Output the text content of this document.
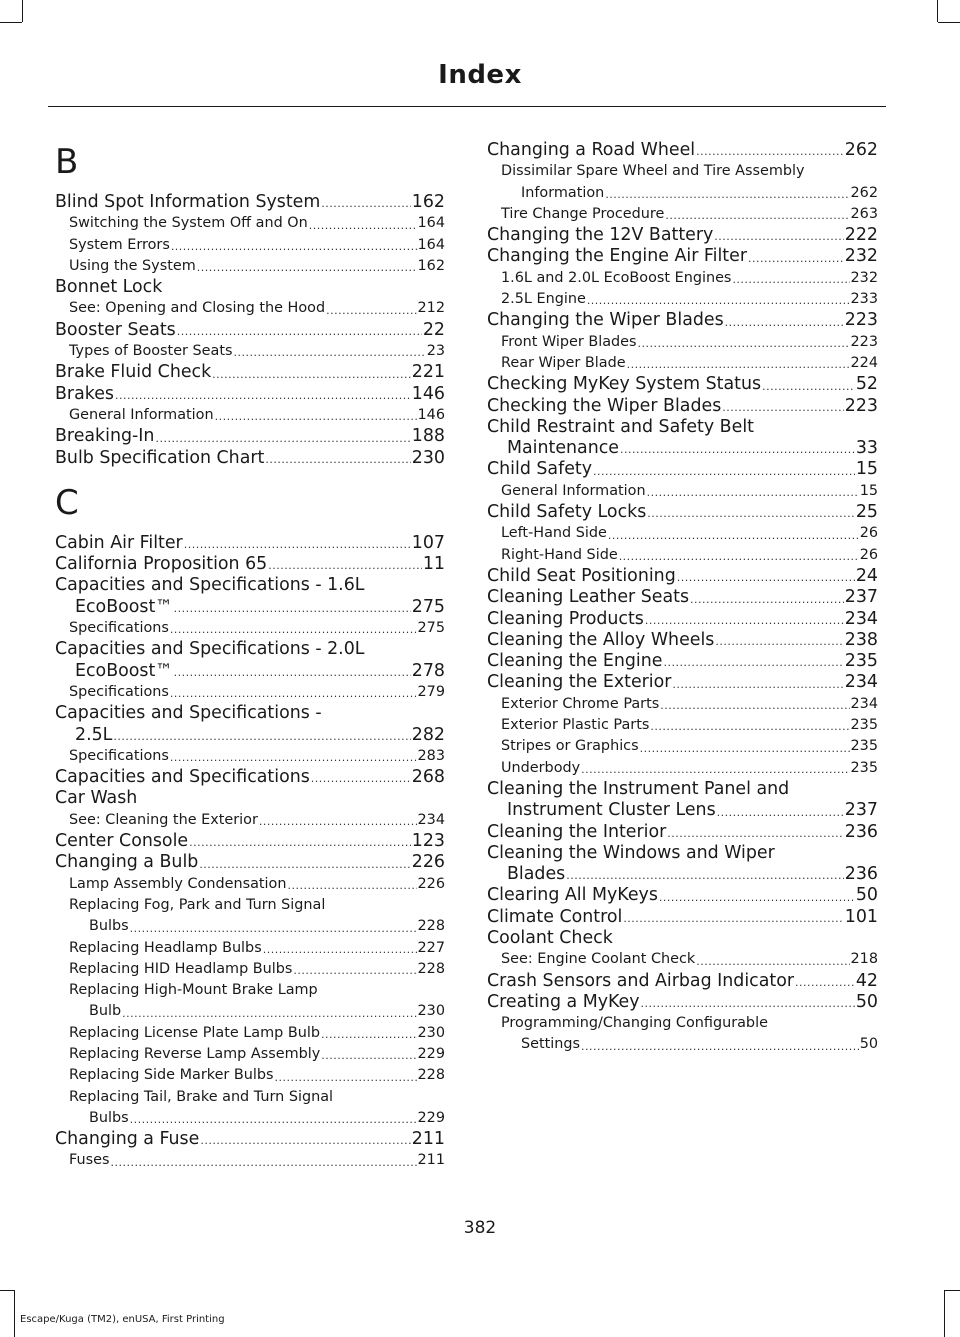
Index
B
Blind Spot Information System .....	162
Switching the System Off and On .....	164
System Errors .....	164
Using the System .....	162
Bonnet Lock
See: Opening and Closing the Hood .....	212
Booster Seats .....	22
Types of Booster Seats .....	23
Brake Fluid Check .....	221
Brakes .....	146
General Information .....	146
Breaking-In .....	188
Bulb Specification Chart .....	230
C
Cabin Air Filter .....	107
California Proposition 65 .....	11
Capacities and Specifications - 1.6L
EcoBoost™ .....	275
Specifications .....	275
Capacities and Specifications - 2.0L
EcoBoost™ .....	278
Specifications .....	279
Capacities and Specifications -
2.5L .....	282
Specifications .....	283
Capacities and Specifications .....	268
Car Wash
See: Cleaning the Exterior .....	234
Center Console .....	123
Changing a Bulb .....	226
Lamp Assembly Condensation .....	226
Replacing Fog, Park and Turn Signal
Bulbs .....	228
Replacing Headlamp Bulbs .....	227
Replacing HID Headlamp Bulbs .....	228
Replacing High-Mount Brake Lamp
Bulb .....	230
Replacing License Plate Lamp Bulb .....	230
Replacing Reverse Lamp Assembly .....	229
Replacing Side Marker Bulbs .....	228
Replacing Tail, Brake and Turn Signal
Bulbs .....	229
Changing a Fuse .....	211
Fuses .....	211
Changing a Road Wheel .....	262
Dissimilar Spare Wheel and Tire Assembly
Information .....	262
Tire Change Procedure .....	263
Changing the 12V Battery .....	222
Changing the Engine Air Filter .....	232
1.6L and 2.0L EcoBoost Engines .....	232
2.5L Engine .....	233
Changing the Wiper Blades .....	223
Front Wiper Blades .....	223
Rear Wiper Blade .....	224
Checking MyKey System Status .....	52
Checking the Wiper Blades .....	223
Child Restraint and Safety Belt
Maintenance .....	33
Child Safety .....	15
General Information .....	15
Child Safety Locks .....	25
Left-Hand Side .....	26
Right-Hand Side .....	26
Child Seat Positioning .....	24
Cleaning Leather Seats .....	237
Cleaning Products .....	234
Cleaning the Alloy Wheels .....	238
Cleaning the Engine .....	235
Cleaning the Exterior .....	234
Exterior Chrome Parts .....	234
Exterior Plastic Parts .....	235
Stripes or Graphics .....	235
Underbody .....	235
Cleaning the Instrument Panel and
Instrument Cluster Lens .....	237
Cleaning the Interior .....	236
Cleaning the Windows and Wiper
Blades .....	236
Clearing All MyKeys .....	50
Climate Control .....	101
Coolant Check
See: Engine Coolant Check .....	218
Crash Sensors and Airbag Indicator .....	42
Creating a MyKey .....	50
Programming/Changing Configurable
Settings .....	50
382
Escape/Kuga (TM2), enUSA, First Printing
